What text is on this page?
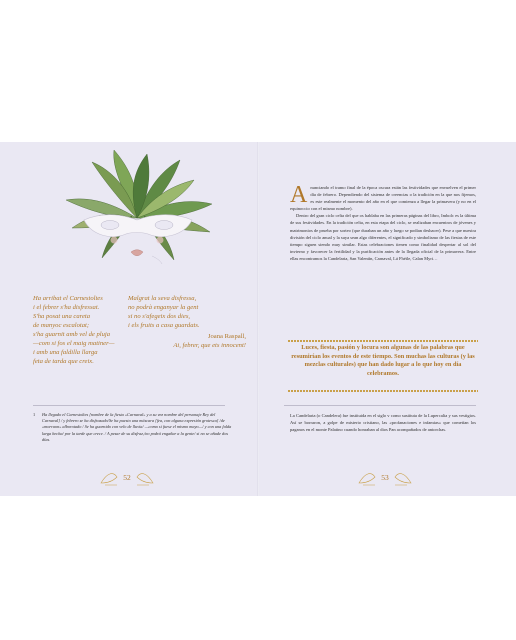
Ha arribat el Carnestoltes
i el febrer s'ha disfressat.
S'ha posat una careta
de manyoc escalotat;
s'ha guarnit amb vel de pluja
—com si fos el maig matiner—
i amb una faldilla llarga
feta de tarda que creix.
Malgrat la seva disfressa,
no podrà enganyar la gent
si no s'afegeix dos dies,
i els fruits a casa guardats.
Joana Raspall,
Ai, febrer, que ets innocent!
1 Ha llegado el Carnestoltes [nombre de la fiesta «Carnaval» y a su vez nombre del personaje Rey del Carnaval] / y febrero se ha disfrazado/Se ha puesto una máscara [fea, con alguna expresión grotesca] /de «morraon» alborotado / Se ha guarnido con velo de lluvia/ —como si fuese el mismo mayo—/ y con una falda larga hecha/ por la tarde que crece. / A pesar de su disfraz,/no podrá engañar a la gente/ si no se añade dos días.
52
Anunciando el tramo final de la época oscura están las festividades que envuelven el primer día de febrero. Dependiendo del sistema de creencias o la tradición en la que nos fijemos, es este realmente el momento del año en el que comienza a llegar la primavera (y no en el equinoccio con el mismo nombre).
Dentro del gran ciclo celta del que os hablaba en las primeras páginas del libro, Imbolc es la última de sus festividades. En la tradición celta, en esta etapa del ciclo, se realizaban encuentros de jóvenes y matrimonios de prueba por sorteo (que duraban un año y luego se podían deshacer). Pese a que nuestra división del ciclo anual y la suya sean algo diferentes, el significado y simbolismo de las fiestas de este tiempo siguen siendo muy similar. Estas celebraciones tienen como finalidad despertar al sol del invierno y favorecer la fertilidad y la purificación antes de la llegada oficial de la primavera. Entre ellas encontramos la Candelaria, San Valentín, Carnaval, Lá Fhéile, Calan Myri…
Luces, fiesta, pasión y locura son algunas de las palabras que resumirían los eventos de este tiempo. Son muchas las culturas (y las mezclas culturales) que han dado lugar a lo que hoy en día celebramos.
La Candelaria (o Candelera) fue instituida en el siglo v como sustituta de la Lupercalia y sus vestigios. Así se borraron, a golpe de misterio cristiano, las «profanaciones e infamias» que cometían los paganos en el monte Palatino cuando honraban al dios Pan acompañados de antorchas.
53
